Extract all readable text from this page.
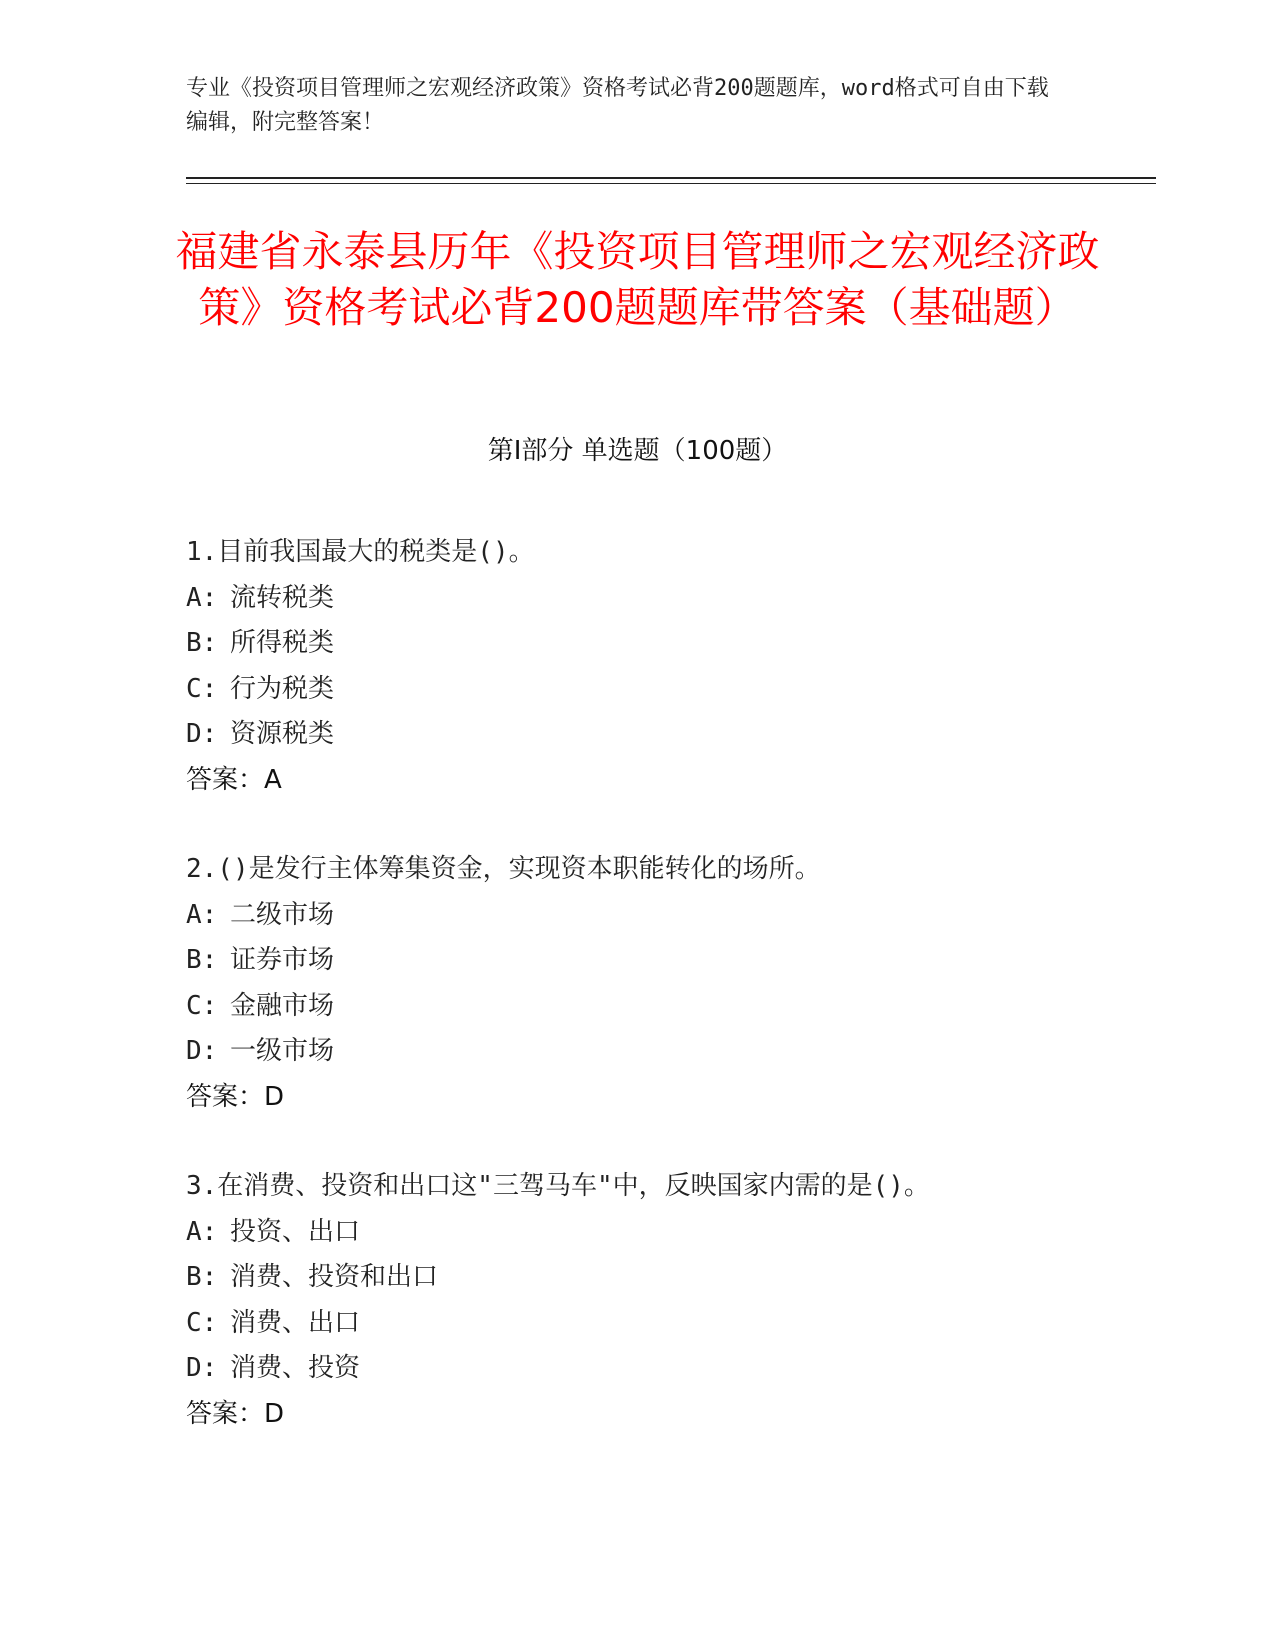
专业《投资项目管理师之宏观经济政策》资格考试必背200题题库，word格式可自由下载编辑，附完整答案！
福建省永泰县历年《投资项目管理师之宏观经济政策》资格考试必背200题题库带答案（基础题）
第I部分 单选题（100题）
1.目前我国最大的税类是()。
A: 流转税类
B: 所得税类
C: 行为税类
D: 资源税类
答案：A
2.()是发行主体筹集资金，实现资本职能转化的场所。
A: 二级市场
B: 证券市场
C: 金融市场
D: 一级市场
答案：D
3.在消费、投资和出口这"三驾马车"中，反映国家内需的是()。
A: 投资、出口
B: 消费、投资和出口
C: 消费、出口
D: 消费、投资
答案：D
